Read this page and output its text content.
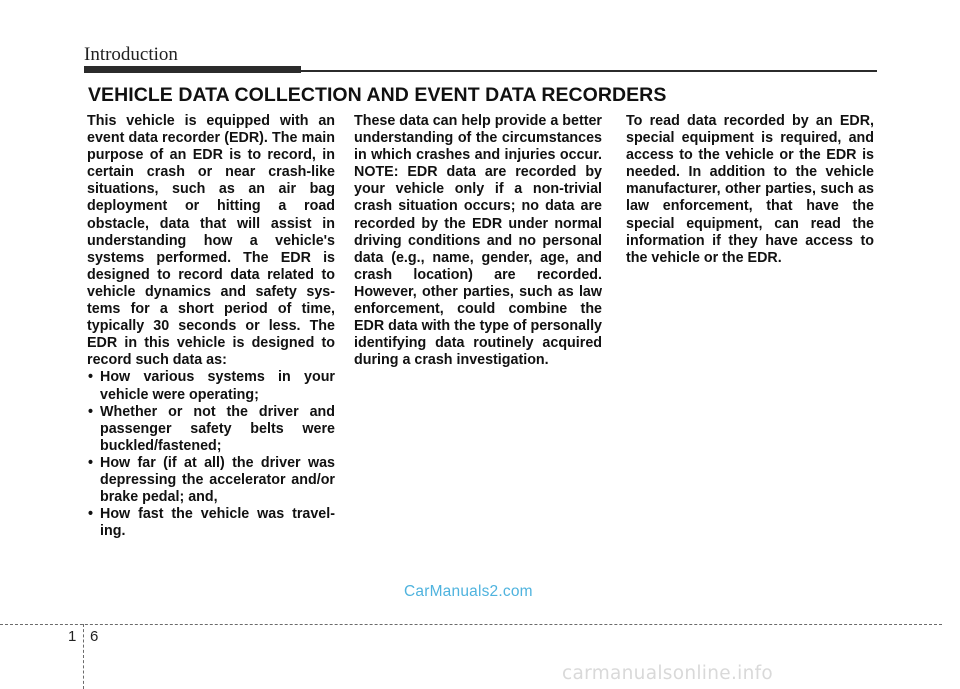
Introduction
VEHICLE DATA COLLECTION AND EVENT DATA RECORDERS

This vehicle is equipped with an event data recorder (EDR). The main purpose of an EDR is to record, in certain crash or near crash-like situations, such as an air bag deployment or hitting a road obstacle, data that will assist in understanding how a vehicle's systems performed. The EDR is designed to record data related to vehicle dynamics and safety systems for a short period of time, typically 30 seconds or less. The EDR in this vehicle is designed to record such data as:

• How various systems in your vehicle were operating;
• Whether or not the driver and passenger safety belts were buckled/fastened;
• How far (if at all) the driver was depressing the accelerator and/or brake pedal; and,
• How fast the vehicle was traveling.

These data can help provide a better understanding of the circumstances in which crashes and injuries occur. NOTE: EDR data are recorded by your vehicle only if a non-trivial crash situation occurs; no data are recorded by the EDR under normal driving conditions and no personal data (e.g., name, gender, age, and crash location) are recorded. However, other parties, such as law enforcement, could combine the EDR data with the type of personally identifying data routinely acquired during a crash investigation.

To read data recorded by an EDR, special equipment is required, and access to the vehicle or the EDR is needed. In addition to the vehicle manufacturer, other parties, such as law enforcement, that have the special equipment, can read the information if they have access to the vehicle or the EDR.

CarManuals2.com
1 6
carmanualsonline.info
